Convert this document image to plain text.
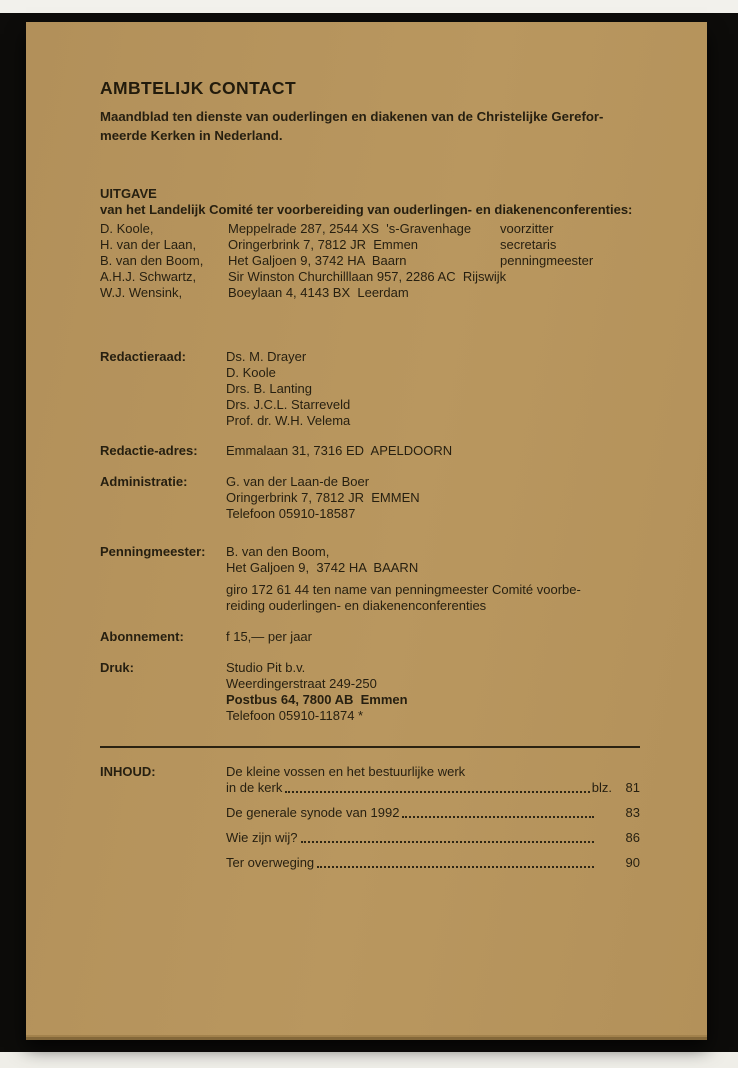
AMBTELIJK CONTACT
Maandblad ten dienste van ouderlingen en diakenen van de Christelijke Gerefor-
meerde Kerken in Nederland.
UITGAVE
van het Landelijk Comité ter voorbereiding van ouderlingen- en diakenenconferenties:
D. Koole,	Meppelrade 287, 2544 XS  's-Gravenhage	voorzitter
H. van der Laan,	Oringerbrink 7, 7812 JR  Emmen	secretaris
B. van den Boom,	Het Galjoen 9, 3742 HA  Baarn	penningmeester
A.H.J. Schwartz,	Sir Winston Churchilllaan 957, 2286 AC  Rijswijk
W.J. Wensink,	Boeylaan 4, 4143 BX  Leerdam
Redactieraad:	Ds. M. Drayer
D. Koole
Drs. B. Lanting
Drs. J.C.L. Starreveld
Prof. dr. W.H. Velema
Redactie-adres:	Emmalaan 31, 7316 ED  APELDOORN
Administratie:	G. van der Laan-de Boer
Oringerbrink 7, 7812 JR  EMMEN
Telefoon 05910-18587
Penningmeester:	B. van den Boom,
Het Galjoen 9,  3742 HA  BAARN
giro 172 61 44 ten name van penningmeester Comité voorbe-
reiding ouderlingen- en diakenenconferenties
Abonnement:	f 15,— per jaar
Druk:	Studio Pit b.v.
Weerdingerstraat 249-250
Postbus 64, 7800 AB  Emmen
Telefoon 05910-11874 *
INHOUD:	De kleine vossen en het bestuurlijke werk
in de kerk	blz.	81
De generale synode van 1992	83
Wie zijn wij?	86
Ter overweging	90
